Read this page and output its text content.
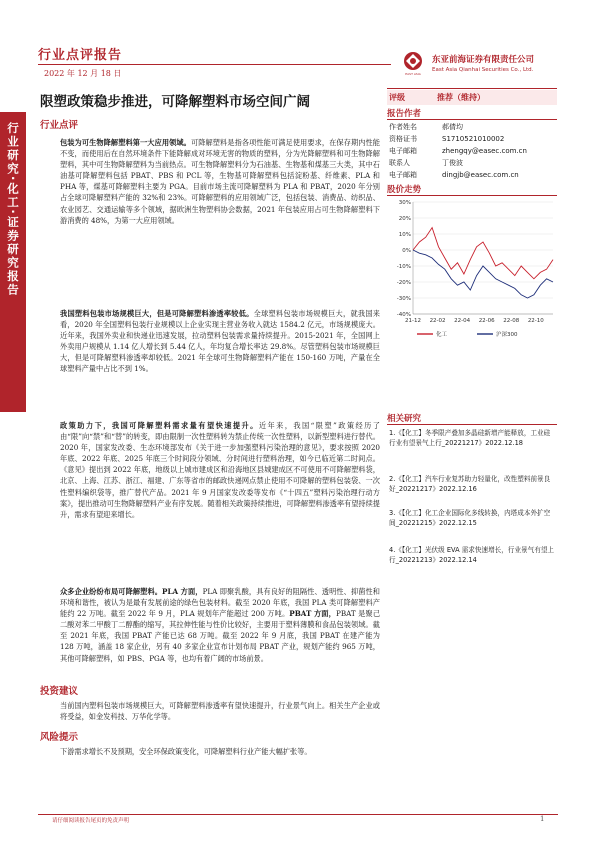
行业点评报告
2022 年 12 月 18 日	EAST ASIA
东亚前海证券有限责任公司
East Asia Qianhai Securities Co., Ltd.
行业研究·化工·证券研究报告
限塑政策稳步推进，可降解塑料市场空间广阔
行业点评
包装为可生物降解塑料第一大应用领域。可降解塑料是指各项性能可满足使用要求，在保存期内性能不变，而使用后在自然环境条件下能降解成对环境无害的物质的塑料，分为光降解塑料和可生物降解塑料，其中可生物降解塑料为当前热点。可生物降解塑料分为石油基、生物基和煤基三大类，其中石油基可降解塑料包括 PBAT、PBS 和 PCL 等，生物基可降解塑料包括淀粉基、纤维素、PLA 和 PHA 等，煤基可降解塑料主要为 PGA。目前市场主流可降解塑料为 PLA 和 PBAT，2020 年分别占全球可降解塑料产能的 32%和 23%。可降解塑料的应用领域广泛，包括包装、消费品、纺织品、农业园艺、交通运输等多个领域，据欧洲生物塑料协会数据，2021 年包装应用占可生物降解塑料下游消费的 48%，为第一大应用领域。
我国塑料包装市场规模巨大，但是可降解塑料渗透率较低。全球塑料包装市场规模巨大，就我国来看，2020 年全国塑料包装行业规模以上企业实现主营业务收入就达 1584.2 亿元，市场规模庞大。近年来，我国外卖业和快递业迅速发展，拉动塑料包装需求量持续提升。2015-2021 年，全国网上外卖用户规模从 1.14 亿人增长到 5.44 亿人，年均复合增长率达 29.8%。尽管塑料包装市场规模巨大，但是可降解塑料渗透率却较低。2021 年全球可生物降解塑料产能在 150-160 万吨，产量在全球塑料产量中占比不到 1%。
政策助力下，我国可降解塑料需求量有望快速提升。近年来，我国“限塑”政策经历了由“限”向“禁”和“替”的转变，即由限制一次性塑料转为禁止传统一次性塑料，以新型塑料进行替代。2020 年，国家发改委、生态环境部发布《关于进一步加强塑料污染治理的意见》，要求按照 2020 年底、2022 年底、2025 年底三个时间段分领域、分时间进行塑料治理，如今已临近第二时间点。《意见》提出到 2022 年底，地级以上城市建成区和沿海地区县城建成区不可使用不可降解塑料袋，北京、上海、江苏、浙江、福建、广东等省市的邮政快递网点禁止使用不可降解的塑料包装袋、一次性塑料编织袋等，推广替代产品。2021 年 9 月国家发改委等发布《“十四五”塑料污染治理行动方案》，提出推动可生物降解塑料产业有序发展。随着相关政策持续推进，可降解塑料渗透率有望持续提升，需求有望迎来增长。
众多企业纷纷布局可降解塑料。PLA 方面，PLA 即聚乳酸，具有良好的阻隔性、透明性、抑菌性和环境和谐性，被认为是最有发展前途的绿色包装材料。截至 2020 年底，我国 PLA 类可降解塑料产能约 22 万吨。截至 2022 年 9 月，PLA 规划年产能超过 200 万吨。PBAT 方面，PBAT 是聚己二酸对苯二甲酸丁二醇酯的缩写，其拉伸性能与性价比较好，主要用于塑料薄膜和食品包装领域。截至 2021 年底，我国 PBAT 产能已达 68 万吨。截至 2022 年 9 月底，我国 PBAT 在建产能为 128 万吨，涵盖 18 家企业，另有 40 多家企业宣布计划布局 PBAT 产业，规划产能约 965 万吨，其他可降解塑料，如 PBS、PGA 等，也均有着广阔的市场前景。
投资建议
当前国内塑料包装市场规模巨大，可降解塑料渗透率有望快速提升，行业景气向上。相关生产企业或将受益，如金发科技、万华化学等。
风险提示
下游需求增长不及预期，安全环保政策变化，可降解塑料行业产能大幅扩张等。
评级	推荐（维持）
报告作者
作者姓名	郝倩均
资格证书	S1710521010002
电子邮箱	zhengqy@easec.com.cn
联系人	丁俊波
电子邮箱	dingjb@easec.com.cn
股价走势
30%
20%
10%
0%
-10%
-20%
-30%
-40%
21-12 22-02 22-04 22-06 22-08 22-10
化工	沪深300
相关研究
1.《【化工】冬季限产叠加多晶硅新增产能释放，工业硅行业有望景气上行_20221217》2022.12.18
2.《【化工】汽车行业复苏助力轻量化，改性塑料前景良好_20221217》2022.12.16
3.《【化工】化工企业国际化多线转换，内塔成本外扩空间_20221215》2022.12.15
4.《【化工】光伏级 EVA 需求快速增长，行业景气有望上行_20221213》2022.12.14
请仔细阅读报告尾页的免责声明	1
